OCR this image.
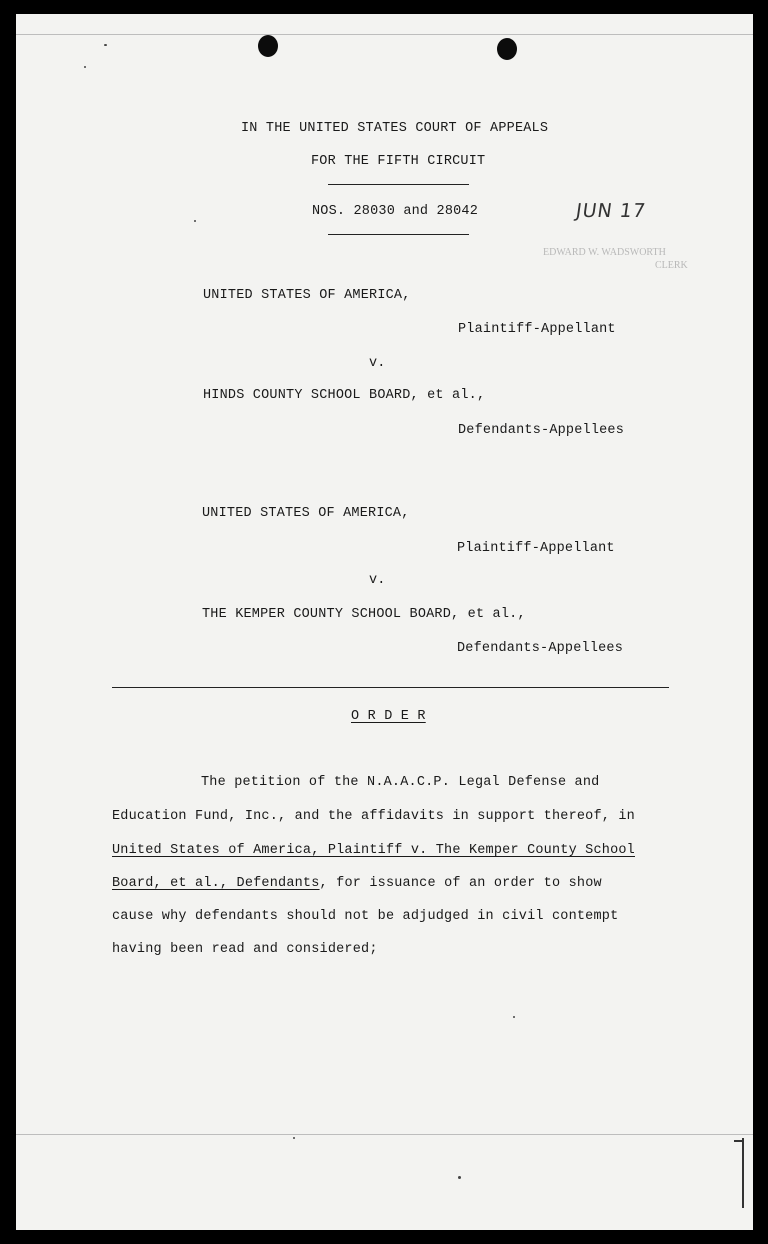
IN THE UNITED STATES COURT OF APPEALS
FOR THE FIFTH CIRCUIT
NOS. 28030 and 28042	JUN 17
EDWARD W. WADSWORTH
CLERK
UNITED STATES OF AMERICA,
Plaintiff-Appellant
v.
HINDS COUNTY SCHOOL BOARD, et al.,
Defendants-Appellees
UNITED STATES OF AMERICA,
Plaintiff-Appellant
v.
THE KEMPER COUNTY SCHOOL BOARD, et al.,
Defendants-Appellees
O R D E R
The petition of the N.A.A.C.P. Legal Defense and
Education Fund, Inc., and the affidavits in support thereof, in
United States of America, Plaintiff v. The Kemper County School
Board, et al., Defendants, for issuance of an order to show
cause why defendants should not be adjudged in civil contempt
having been read and considered;
